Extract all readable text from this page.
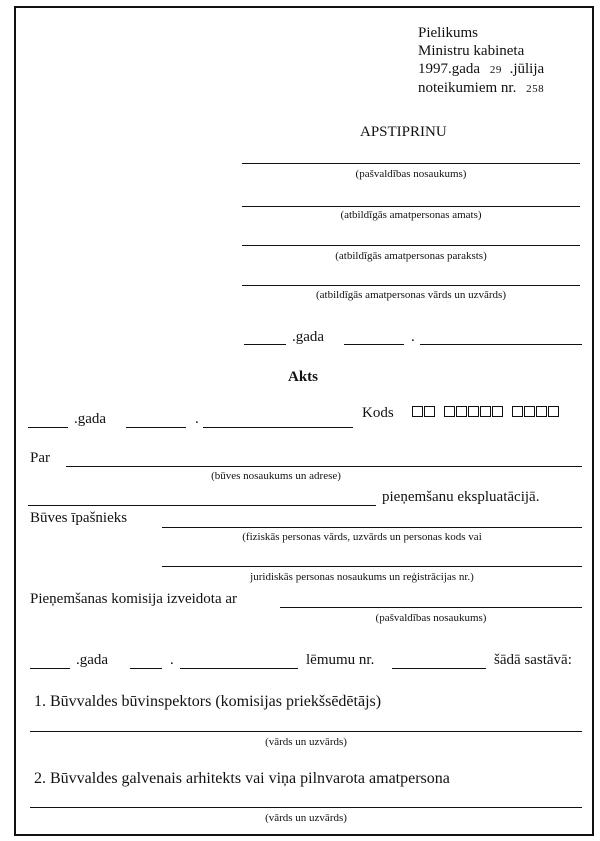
Pielikums
Ministru kabineta
1997.gada 29 .jūlija
noteikumiem nr. 258
APSTIPRINU
(pašvaldības nosaukums)
(atbildīgās amatpersonas amats)
(atbildīgās amatpersonas paraksts)
(atbildīgās amatpersonas vārds un uzvārds)
.gada	.
Akts
.gada	.	Kods
Par
(būves nosaukums un adrese)
pieņemšanu ekspluatācijā.
Būves īpašnieks
(fiziskās personas vārds, uzvārds un personas kods vai
juridiskās personas nosaukums un reģistrācijas nr.)
Pieņemšanas komisija izveidota ar
(pašvaldības nosaukums)
.gada	.	lēmumu nr.	šādā sastāvā:
1. Būvvaldes būvinspektors (komisijas priekšsēdētājs)
(vārds un uzvārds)
2. Būvvaldes galvenais arhitekts vai viņa pilnvarota amatpersona
(vārds un uzvārds)
